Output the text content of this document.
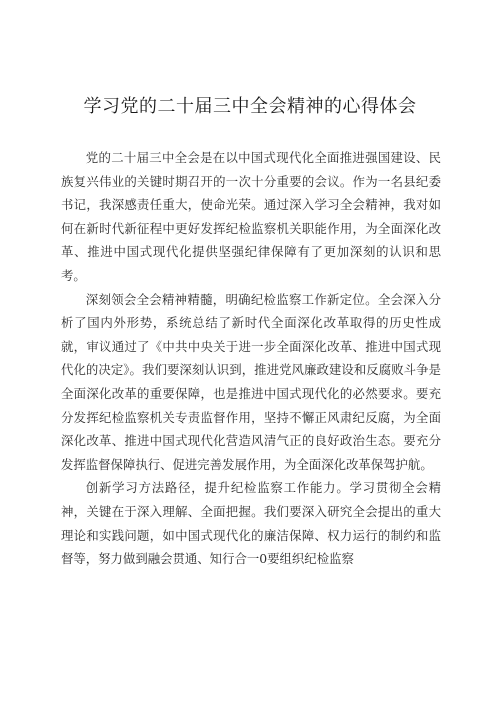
学习党的二十届三中全会精神的心得体会

党的二十届三中全会是在以中国式现代化全面推进强国建设、民族复兴伟业的关键时期召开的一次十分重要的会议。作为一名县纪委书记，我深感责任重大，使命光荣。通过深入学习全会精神，我对如何在新时代新征程中更好发挥纪检监察机关职能作用，为全面深化改革、推进中国式现代化提供坚强纪律保障有了更加深刻的认识和思考。

深刻领会全会精神精髓，明确纪检监察工作新定位。全会深入分析了国内外形势，系统总结了新时代全面深化改革取得的历史性成就，审议通过了《中共中央关于进一步全面深化改革、推进中国式现代化的决定》。我们要深刻认识到，推进党风廉政建设和反腐败斗争是全面深化改革的重要保障，也是推进中国式现代化的必然要求。要充分发挥纪检监察机关专责监督作用，坚持不懈正风肃纪反腐，为全面深化改革、推进中国式现代化营造风清气正的良好政治生态。要充分发挥监督保障执行、促进完善发展作用，为全面深化改革保驾护航。

创新学习方法路径，提升纪检监察工作能力。学习贯彻全会精神，关键在于深入理解、全面把握。我们要深入研究全会提出的重大理论和实践问题，如中国式现代化的廉洁保障、权力运行的制约和监督等，努力做到融会贯通、知行合一0要组织纪检监察
